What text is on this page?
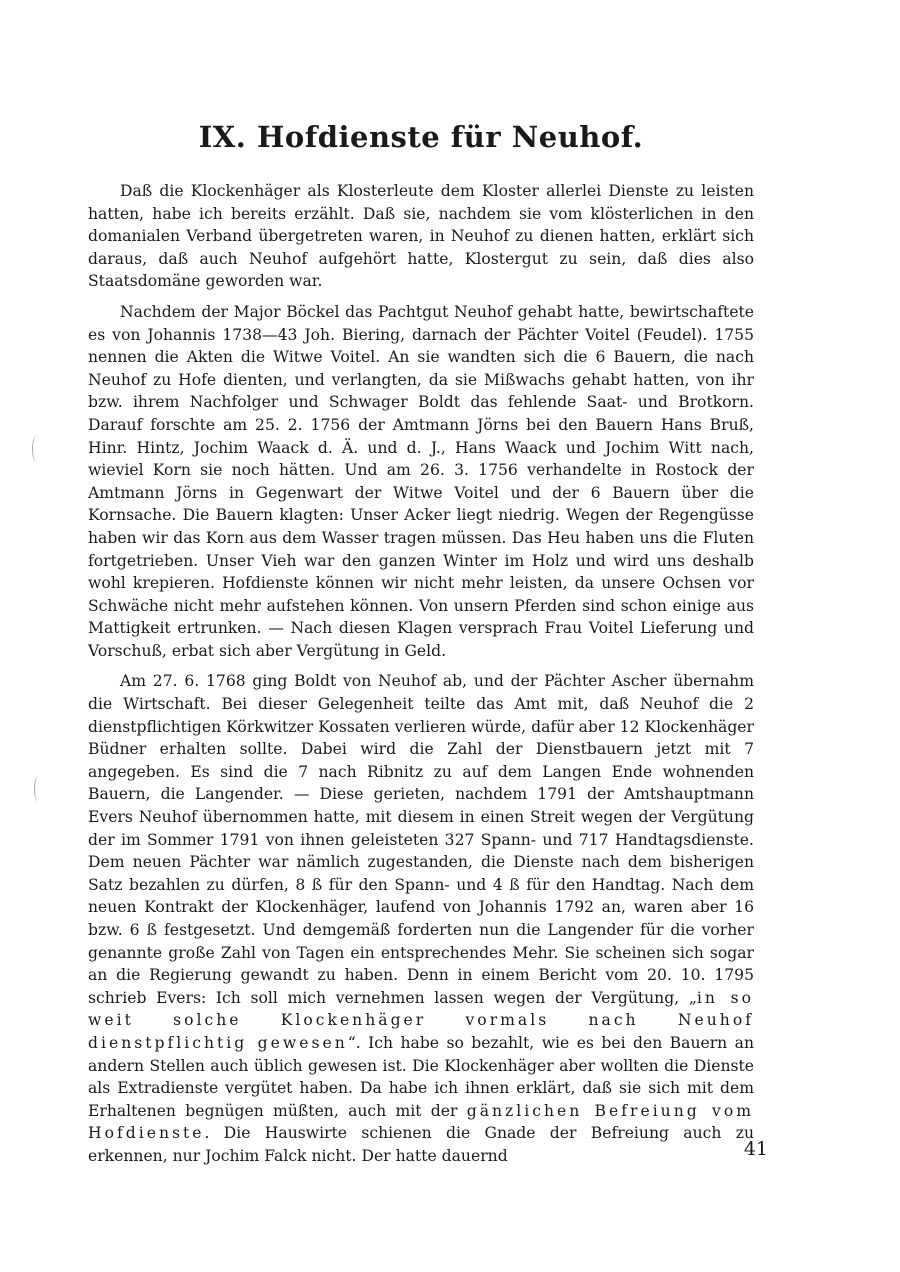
IX. Hofdienste für Neuhof.

Daß die Klockenhäger als Klosterleute dem Kloster allerlei Dienste zu leisten hatten, habe ich bereits erzählt. Daß sie, nachdem sie vom klösterlichen in den domanialen Verband übergetreten waren, in Neuhof zu dienen hatten, erklärt sich daraus, daß auch Neuhof aufgehört hatte, Klostergut zu sein, daß dies also Staatsdomäne geworden war.

Nachdem der Major Böckel das Pachtgut Neuhof gehabt hatte, bewirtschaftete es von Johannis 1738—43 Joh. Biering, darnach der Pächter Voitel (Feudel). 1755 nennen die Akten die Witwe Voitel. An sie wandten sich die 6 Bauern, die nach Neuhof zu Hofe dienten, und verlangten, da sie Mißwachs gehabt hatten, von ihr bzw. ihrem Nachfolger und Schwager Boldt das fehlende Saat- und Brotkorn. Darauf forschte am 25. 2. 1756 der Amtmann Jörns bei den Bauern Hans Bruß, Hinr. Hintz, Jochim Waack d. Ä. und d. J., Hans Waack und Jochim Witt nach, wieviel Korn sie noch hätten. Und am 26. 3. 1756 verhandelte in Rostock der Amtmann Jörns in Gegenwart der Witwe Voitel und der 6 Bauern über die Kornsache. Die Bauern klagten: Unser Acker liegt niedrig. Wegen der Regengüsse haben wir das Korn aus dem Wasser tragen müssen. Das Heu haben uns die Fluten fortgetrieben. Unser Vieh war den ganzen Winter im Holz und wird uns deshalb wohl krepieren. Hofdienste können wir nicht mehr leisten, da unsere Ochsen vor Schwäche nicht mehr aufstehen können. Von unsern Pferden sind schon einige aus Mattigkeit ertrunken. — Nach diesen Klagen versprach Frau Voitel Lieferung und Vorschuß, erbat sich aber Vergütung in Geld.

Am 27. 6. 1768 ging Boldt von Neuhof ab, und der Pächter Ascher übernahm die Wirtschaft. Bei dieser Gelegenheit teilte das Amt mit, daß Neuhof die 2 dienstpflichtigen Körkwitzer Kossaten verlieren würde, dafür aber 12 Klockenhäger Büdner erhalten sollte. Dabei wird die Zahl der Dienstbauern jetzt mit 7 angegeben. Es sind die 7 nach Ribnitz zu auf dem Langen Ende wohnenden Bauern, die Langender. — Diese gerieten, nachdem 1791 der Amtshauptmann Evers Neuhof übernommen hatte, mit diesem in einen Streit wegen der Vergütung der im Sommer 1791 von ihnen geleisteten 327 Spann- und 717 Handtagsdienste. Dem neuen Pächter war nämlich zugestanden, die Dienste nach dem bisherigen Satz bezahlen zu dürfen, 8 ß für den Spann- und 4 ß für den Handtag. Nach dem neuen Kontrakt der Klockenhäger, laufend von Johannis 1792 an, waren aber 16 bzw. 6 ß festgesetzt. Und demgemäß forderten nun die Langender für die vorher genannte große Zahl von Tagen ein entsprechendes Mehr. Sie scheinen sich sogar an die Regierung gewandt zu haben. Denn in einem Bericht vom 20. 10. 1795 schrieb Evers: Ich soll mich vernehmen lassen wegen der Vergütung, „in so weit solche Klockenhäger vormals nach Neuhof dienstpflichtig gewesen“. Ich habe so bezahlt, wie es bei den Bauern an andern Stellen auch üblich gewesen ist. Die Klockenhäger aber wollten die Dienste als Extradienste vergütet haben. Da habe ich ihnen erklärt, daß sie sich mit dem Erhaltenen begnügen müßten, auch mit der gänzlichen Befreiung vom Hofdienste. Die Hauswirte schienen die Gnade der Befreiung auch zu erkennen, nur Jochim Falck nicht. Der hatte dauernd	41
